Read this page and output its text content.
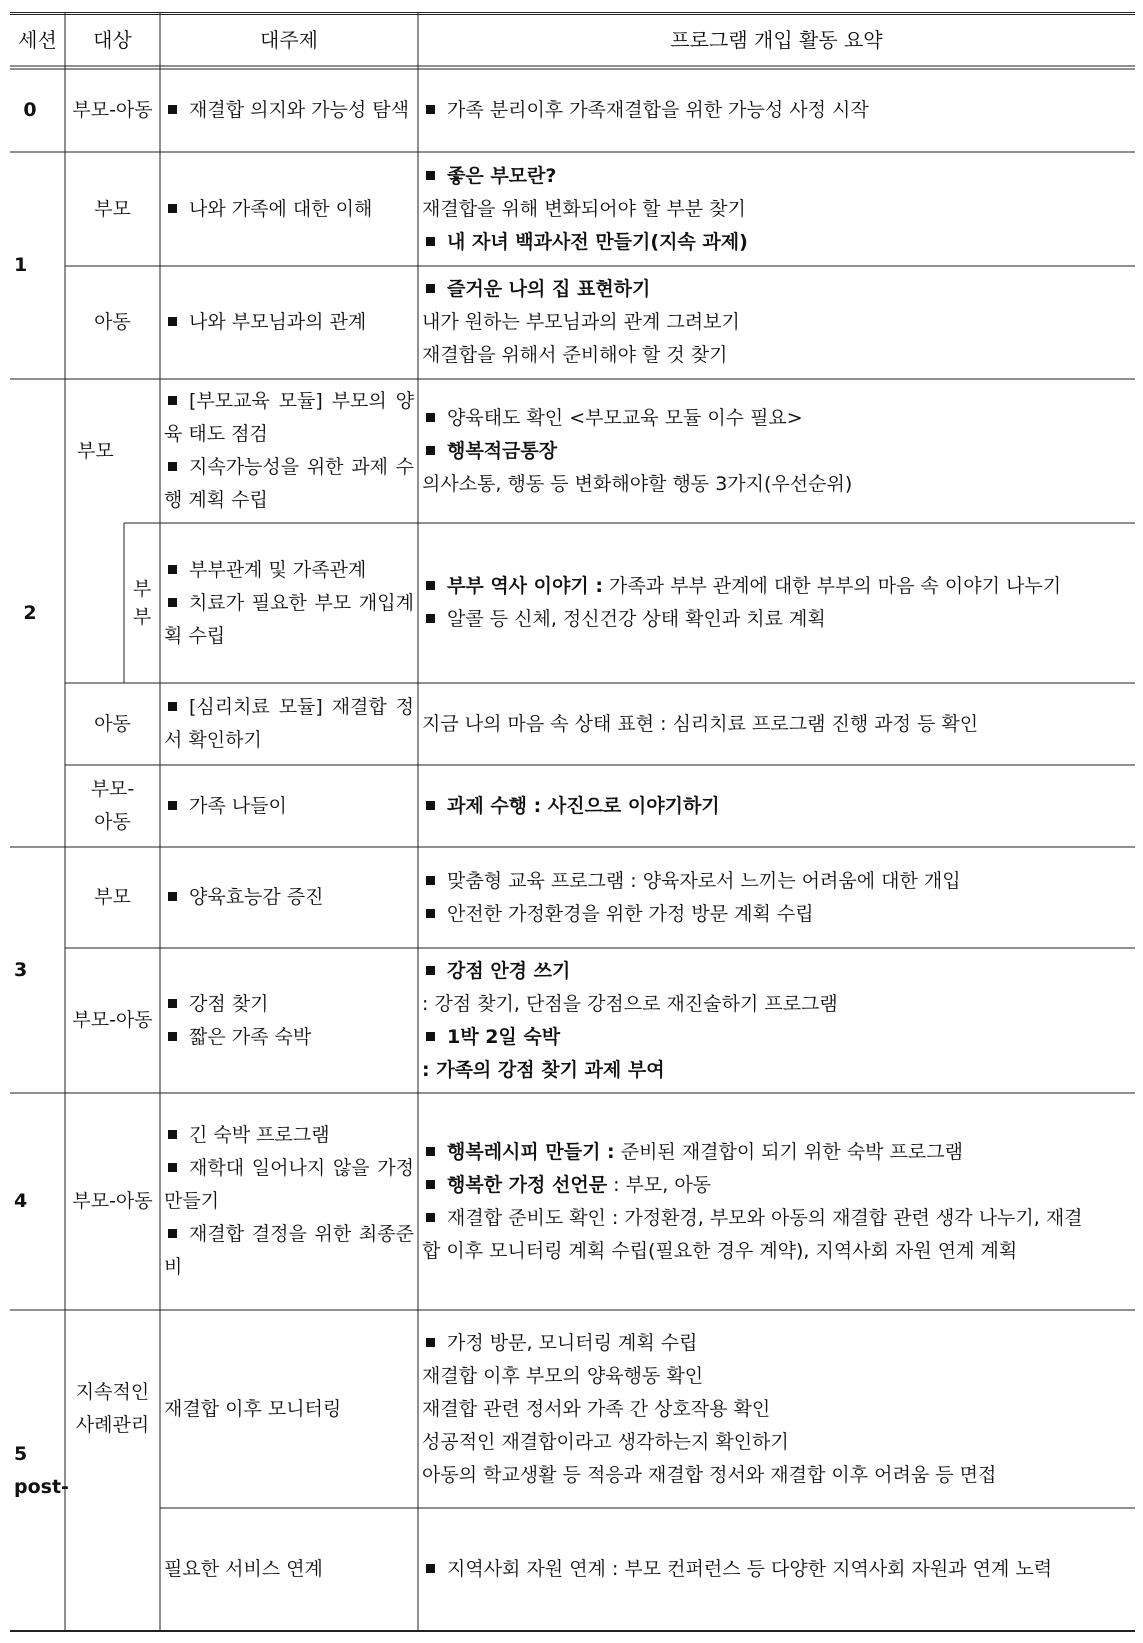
세션 대상	대주제	프로그램 개입 활동 요약
0
1
2
3
4
5
post-
부모-아동
부모
아동
부모
부
부
아동
부모-
아동
부모
부모-아동
부모-아동
지속적인
사례관리
재결합 의지와 가능성 탐색
나와 가족에 대한 이해
나와 부모님과의 관계
[부모교육 모듈] 부모의 양육 태도 점검
지속가능성을 위한 과제 수행 계획 수립
부부관계 및 가족관계
치료가 필요한 부모 개입계획 수립
[심리치료 모듈] 재결합 정서 확인하기
가족 나들이
양육효능감 증진
강점 찾기
짧은 가족 숙박
긴 숙박 프로그램
재학대 일어나지 않을 가정만들기
재결합 결정을 위한 최종준비
재결합 이후 모니터링
필요한 서비스 연계
가족 분리이후 가족재결합을 위한 가능성 사정 시작
좋은 부모란?
재결합을 위해 변화되어야 할 부분 찾기
내 자녀 백과사전 만들기(지속 과제)
즐거운 나의 집 표현하기
내가 원하는 부모님과의 관계 그려보기
재결합을 위해서 준비해야 할 것 찾기
양육태도 확인 <부모교육 모듈 이수 필요>
행복적금통장
의사소통, 행동 등 변화해야할 행동 3가지(우선순위)
부부 역사 이야기 : 가족과 부부 관계에 대한 부부의 마음 속 이야기 나누기
알콜 등 신체, 정신건강 상태 확인과 치료 계획
지금 나의 마음 속 상태 표현 : 심리치료 프로그램 진행 과정 등 확인
과제 수행 : 사진으로 이야기하기
맞춤형 교육 프로그램 : 양육자로서 느끼는 어려움에 대한 개입
안전한 가정환경을 위한 가정 방문 계획 수립
강점 안경 쓰기
: 강점 찾기, 단점을 강점으로 재진술하기 프로그램
1박 2일 숙박
: 가족의 강점 찾기 과제 부여
행복레시피 만들기 : 준비된 재결합이 되기 위한 숙박 프로그램
행복한 가정 선언문 : 부모, 아동
재결합 준비도 확인 : 가정환경, 부모와 아동의 재결합 관련 생각 나누기, 재결
합 이후 모니터링 계획 수립(필요한 경우 계약), 지역사회 자원 연계 계획
가정 방문, 모니터링 계획 수립
재결합 이후 부모의 양육행동 확인
재결합 관련 정서와 가족 간 상호작용 확인
성공적인 재결합이라고 생각하는지 확인하기
아동의 학교생활 등 적응과 재결합 정서와 재결합 이후 어려움 등 면접
지역사회 자원 연계 : 부모 컨퍼런스 등 다양한 지역사회 자원과 연계 노력
